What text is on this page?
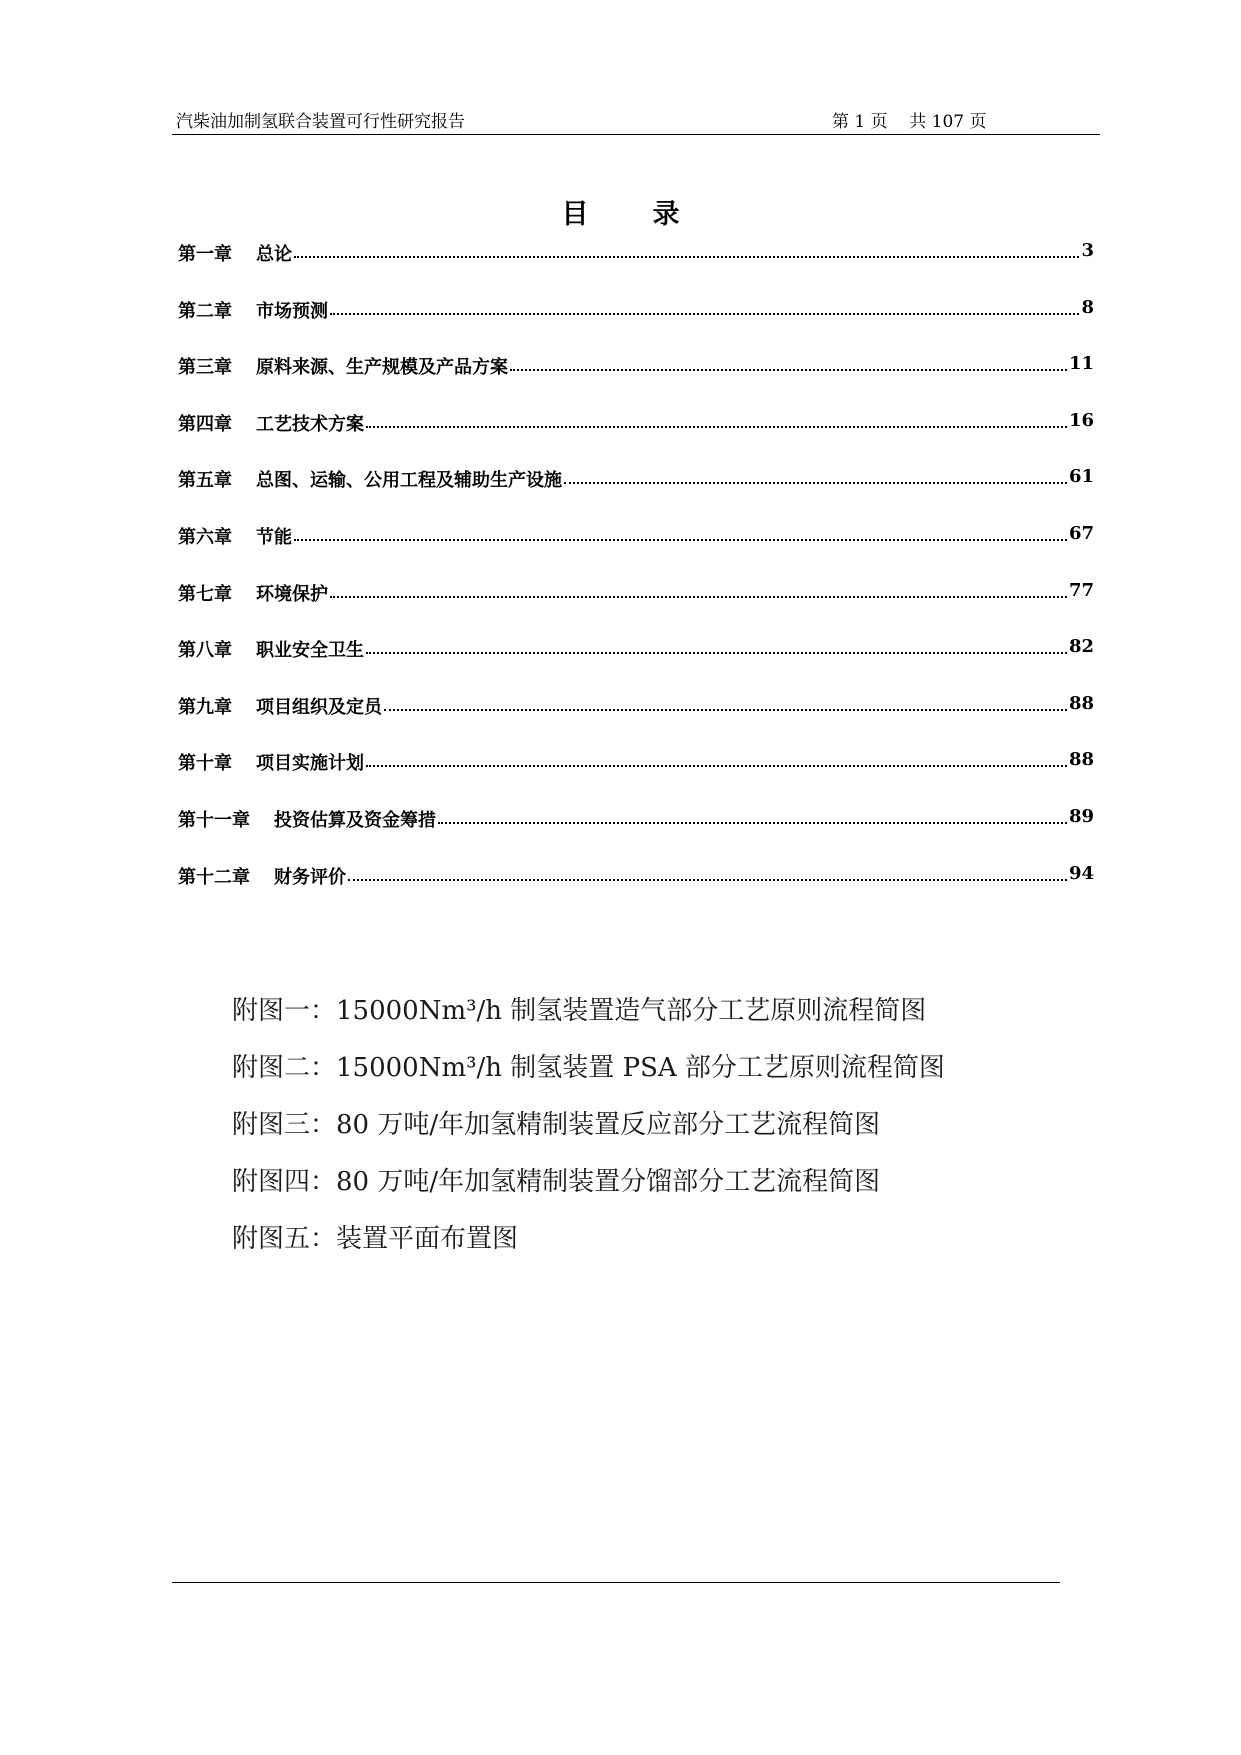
汽柴油加制氢联合装置可行性研究报告	第 1 页    共 107 页
目 录
第一章 总论	3
第二章 市场预测	8
第三章 原料来源、生产规模及产品方案	11
第四章 工艺技术方案	16
第五章 总图、运输、公用工程及辅助生产设施	61
第六章 节能	67
第七章 环境保护	77
第八章 职业安全卫生	82
第九章 项目组织及定员	88
第十章 项目实施计划	88
第十一章 投资估算及资金筹措	89
第十二章 财务评价	94
附图一：15000Nm³/h 制氢装置造气部分工艺原则流程简图
附图二：15000Nm³/h 制氢装置 PSA 部分工艺原则流程简图
附图三：80 万吨/年加氢精制装置反应部分工艺流程简图
附图四：80 万吨/年加氢精制装置分馏部分工艺流程简图
附图五：装置平面布置图
